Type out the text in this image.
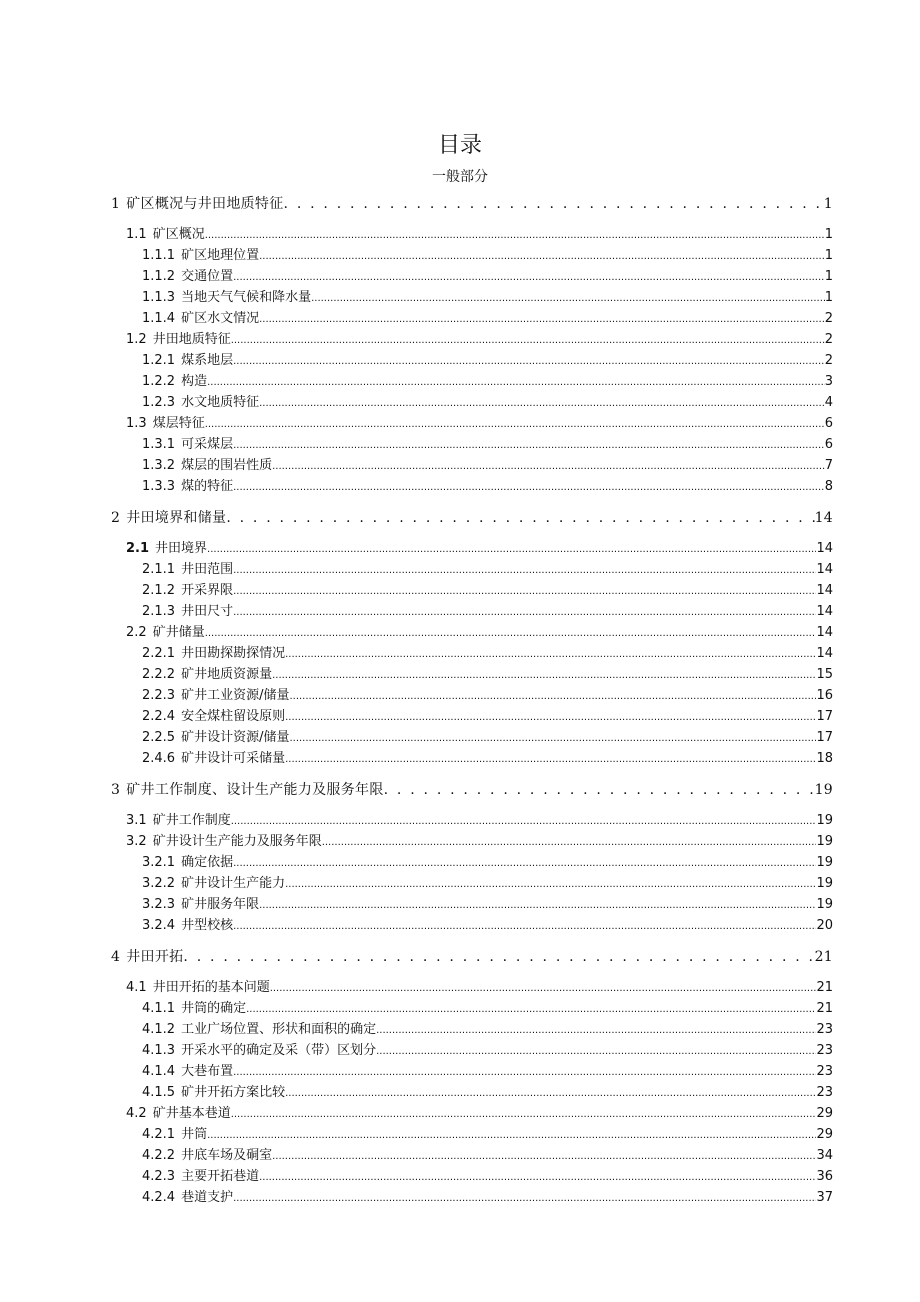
目录
一般部分
1 矿区概况与井田地质特征 . . .	1
1.1 矿区概况 .....	1
1.1.1 矿区地理位置 .....	1
1.1.2 交通位置 .....	1
1.1.3 当地天气气候和降水量 .....	1
1.1.4 矿区水文情况 .....	2
1.2 井田地质特征 .....	2
1.2.1 煤系地层 .....	2
1.2.2 构造 .....	3
1.2.3 水文地质特征 .....	4
1.3 煤层特征 .....	6
1.3.1 可采煤层 .....	6
1.3.2 煤层的围岩性质 .....	7
1.3.3 煤的特征 .....	8
2 井田境界和储量 . . .	14
2.1 井田境界 .....	14
2.1.1 井田范围 .....	14
2.1.2 开采界限 .....	14
2.1.3 井田尺寸 .....	14
2.2 矿井储量 .....	14
2.2.1 井田勘探勘探情况 .....	14
2.2.2 矿井地质资源量 .....	15
2.2.3 矿井工业资源/储量 .....	16
2.2.4 安全煤柱留设原则 .....	17
2.2.5 矿井设计资源/储量 .....	17
2.4.6 矿井设计可采储量 .....	18
3 矿井工作制度、设计生产能力及服务年限 . . .	19
3.1 矿井工作制度 .....	19
3.2 矿井设计生产能力及服务年限 .....	19
3.2.1 确定依据 .....	19
3.2.2 矿井设计生产能力 .....	19
3.2.3 矿井服务年限 .....	19
3.2.4 井型校核 .....	20
4 井田开拓 . . .	21
4.1 井田开拓的基本问题 .....	21
4.1.1 井筒的确定 .....	21
4.1.2 工业广场位置、形状和面积的确定 .....	23
4.1.3 开采水平的确定及采（带）区划分 .....	23
4.1.4 大巷布置 .....	23
4.1.5 矿井开拓方案比较 .....	23
4.2 矿井基本巷道 .....	29
4.2.1 井筒 .....	29
4.2.2 井底车场及硐室 .....	34
4.2.3 主要开拓巷道 .....	36
4.2.4 巷道支护 .....	37
